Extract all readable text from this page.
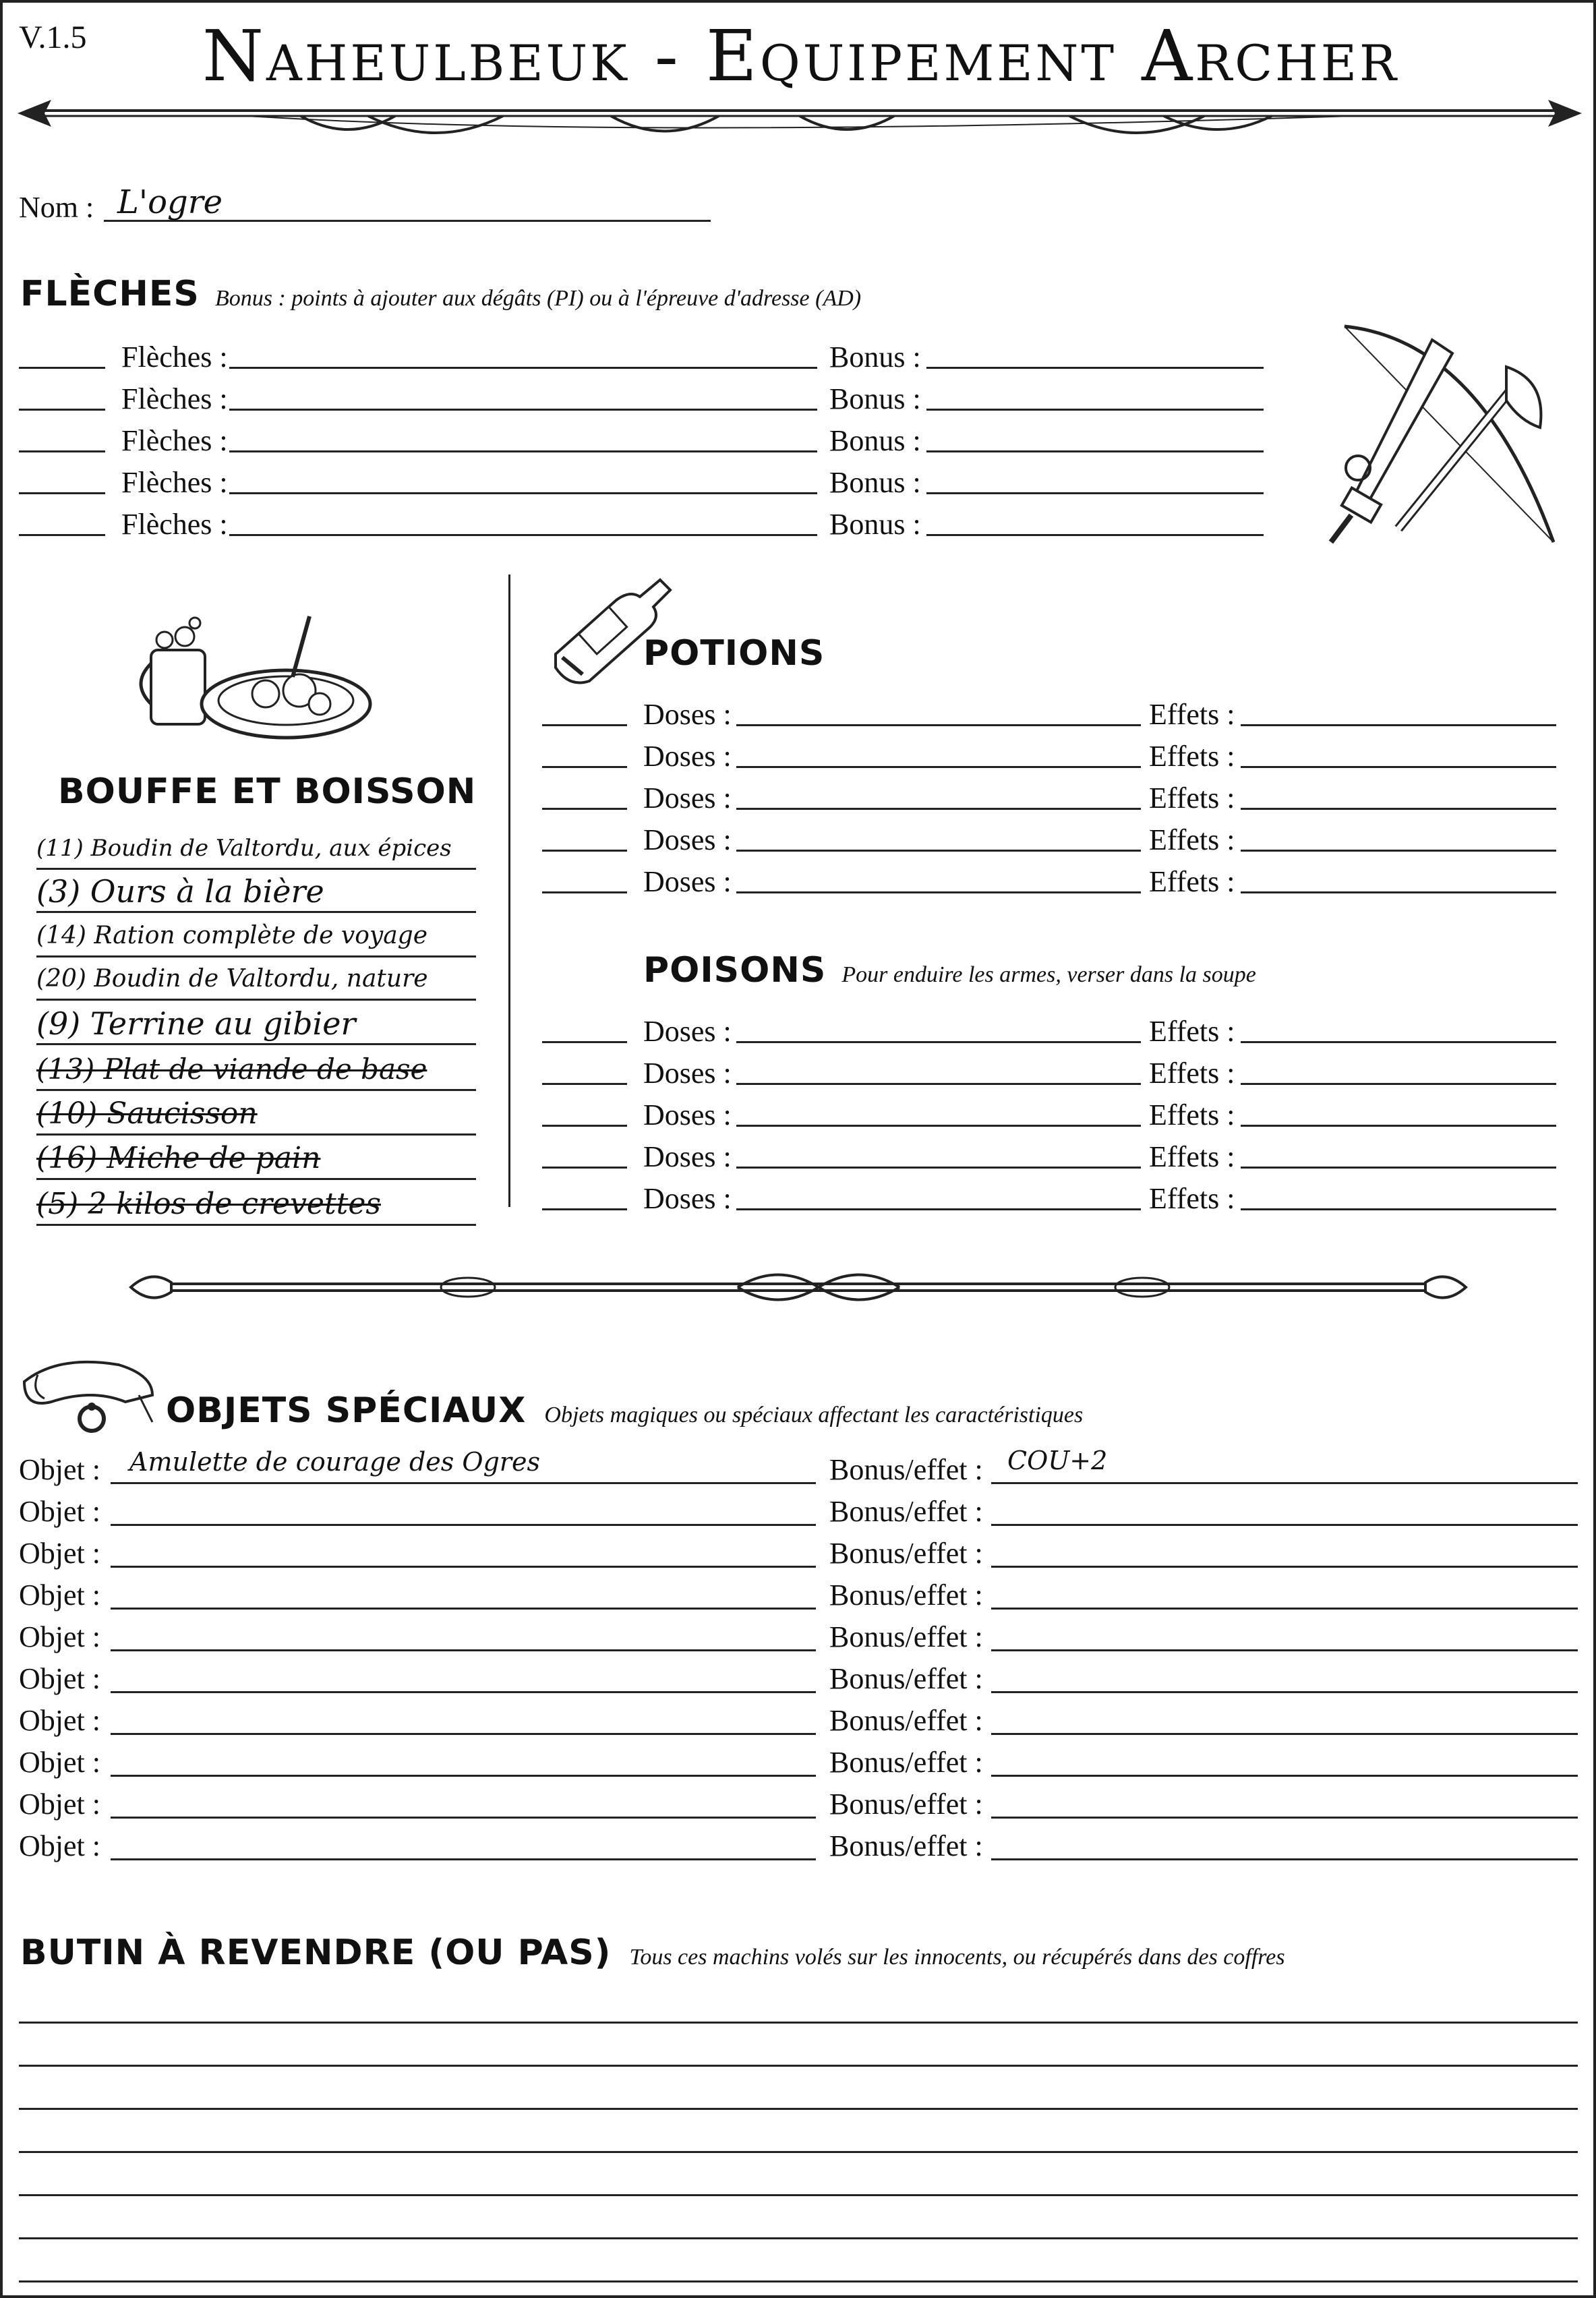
V.1.5	Naheulbeuk - Equipement Archer
Nom : L'ogre
FLÈCHES Bonus : points à ajouter aux dégâts (PI) ou à l'épreuve d'adresse (AD)
Flèches :	Bonus :
Flèches :	Bonus :
Flèches :	Bonus :
Flèches :	Bonus :
Flèches :	Bonus :
BOUFFE ET BOISSON
(11) Boudin de Valtordu, aux épices
(3) Ours à la bière
(14) Ration complète de voyage
(20) Boudin de Valtordu, nature
(9) Terrine au gibier
(13) Plat de viande de base
(10) Saucisson
(16) Miche de pain
(5) 2 kilos de crevettes
POTIONS
Doses :	Effets :
Doses :	Effets :
Doses :	Effets :
Doses :	Effets :
Doses :	Effets :
POISONS Pour enduire les armes, verser dans la soupe
Doses :	Effets :
Doses :	Effets :
Doses :	Effets :
Doses :	Effets :
Doses :	Effets :
OBJETS SPÉCIAUX Objets magiques ou spéciaux affectant les caractéristiques
Objet : Amulette de courage des Ogres	Bonus/effet : COU+2
Objet :	Bonus/effet :
Objet :	Bonus/effet :
Objet :	Bonus/effet :
Objet :	Bonus/effet :
Objet :	Bonus/effet :
Objet :	Bonus/effet :
Objet :	Bonus/effet :
Objet :	Bonus/effet :
Objet :	Bonus/effet :
BUTIN À REVENDRE (OU PAS) Tous ces machins volés sur les innocents, ou récupérés dans des coffres
